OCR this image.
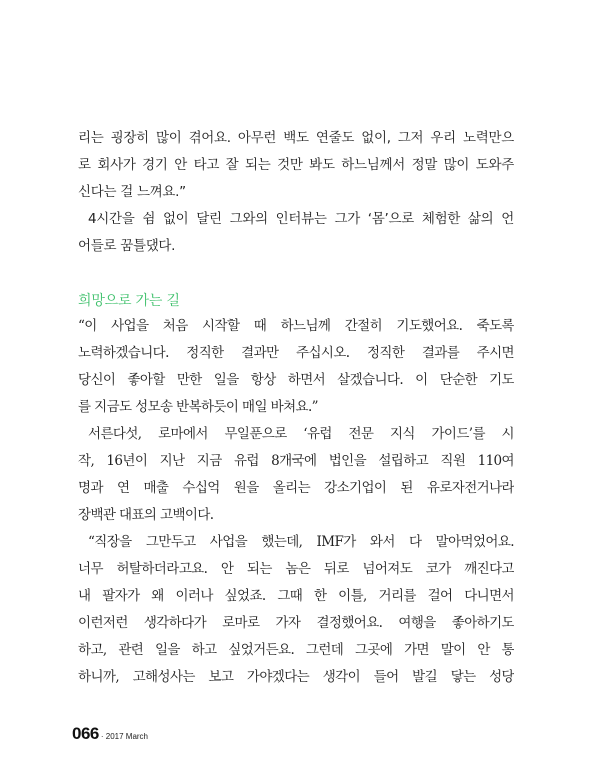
리는 굉장히 많이 겪어요. 아무런 백도 연줄도 없이, 그저 우리 노력만으
로 회사가 경기 안 타고 잘 되는 것만 봐도 하느님께서 정말 많이 도와주
신다는 걸 느껴요.”
4시간을 쉼 없이 달린 그와의 인터뷰는 그가 ‘몸’으로 체험한 삶의 언
어들로 꿈틀댔다.
희망으로 가는 길
“이 사업을 처음 시작할 때 하느님께 간절히 기도했어요. 죽도록
노력하겠습니다. 정직한 결과만 주십시오. 정직한 결과를 주시면
당신이 좋아할 만한 일을 항상 하면서 살겠습니다. 이 단순한 기도
를 지금도 성모송 반복하듯이 매일 바쳐요.”
서른다섯, 로마에서 무일푼으로 ‘유럽 전문 지식 가이드’를 시
작, 16년이 지난 지금 유럽 8개국에 법인을 설립하고 직원 110여
명과 연 매출 수십억 원을 올리는 강소기업이 된 유로자전거나라
장백관 대표의 고백이다.
“직장을 그만두고 사업을 했는데, IMF가 와서 다 말아먹었어요.
너무 허탈하더라고요. 안 되는 놈은 뒤로 넘어져도 코가 깨진다고
내 팔자가 왜 이러나 싶었죠. 그때 한 이틀, 거리를 걸어 다니면서
이런저런 생각하다가 로마로 가자 결정했어요. 여행을 좋아하기도
하고, 관련 일을 하고 싶었거든요. 그런데 그곳에 가면 말이 안 통
하니까, 고해성사는 보고 가야겠다는 생각이 들어 발길 닿는 성당
066 · 2017 March
